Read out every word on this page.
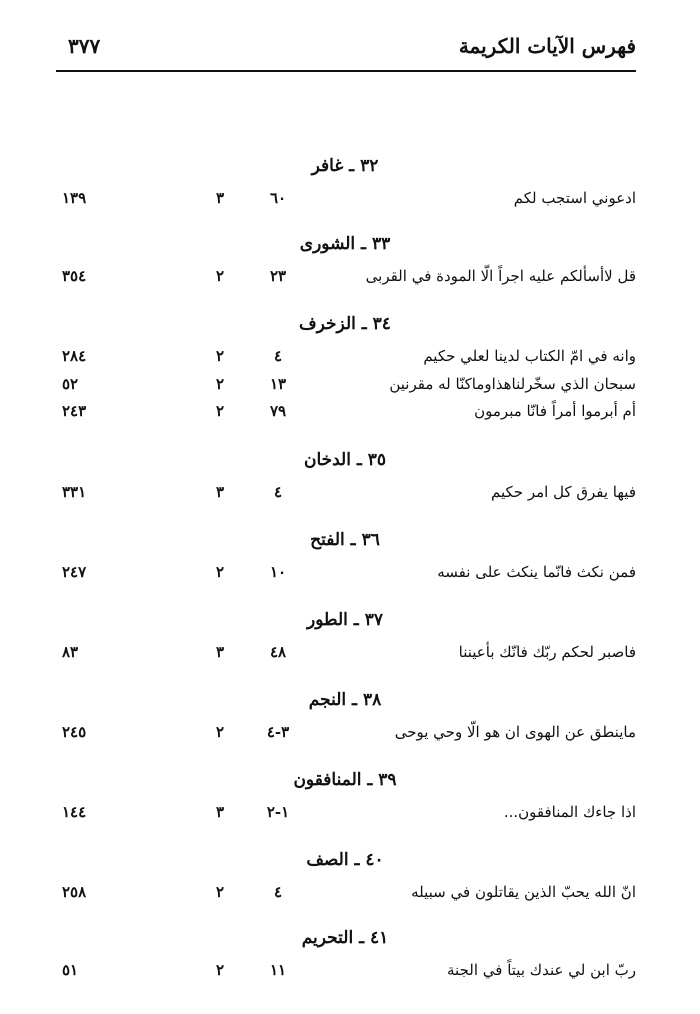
فهرس الآيات الكريمة
٣٧٧
٣٢ ـ غافر
ادعوني استجب لكم
٦٠
٣
١٣٩
٣٣ ـ الشورى
قل لاأسألكم عليه اجراً الّا المودة في القربى
٢٣
٢
٣٥٤
٣٤ ـ الزخرف
وانه في امّ الكتاب لدينا لعلي حكيم
٤
٢
٢٨٤
سبحان الذي سخّرلناهذاوماكنّا له مقرنين
١٣
٢
٥٢
أم أبرموا أمراً فانّا مبرمون
٧٩
٢
٢٤٣
٣٥ ـ الدخان
فيها يفرق كل امر حكيم
٤
٣
٣٣١
٣٦ ـ الفتح
فمن نكث فانّما ينكث على نفسه
١٠
٢
٢٤٧
٣٧ ـ الطور
فاصبر لحكم ربّك فانّك بأعيننا
٤٨
٣
٨٣
٣٨ ـ النجم
ماينطق عن الهوى ان هو الّا وحي يوحى
٣-٤
٢
٢٤٥
٣٩ ـ المنافقون
اذا جاءك المنافقون...
١-٢
٣
١٤٤
٤٠ ـ الصف
انّ الله يحبّ الذين يقاتلون في سبيله
٤
٢
٢٥٨
٤١ ـ التحريم
ربّ ابن لي عندك بيتاً في الجنة
١١
٢
٥١
